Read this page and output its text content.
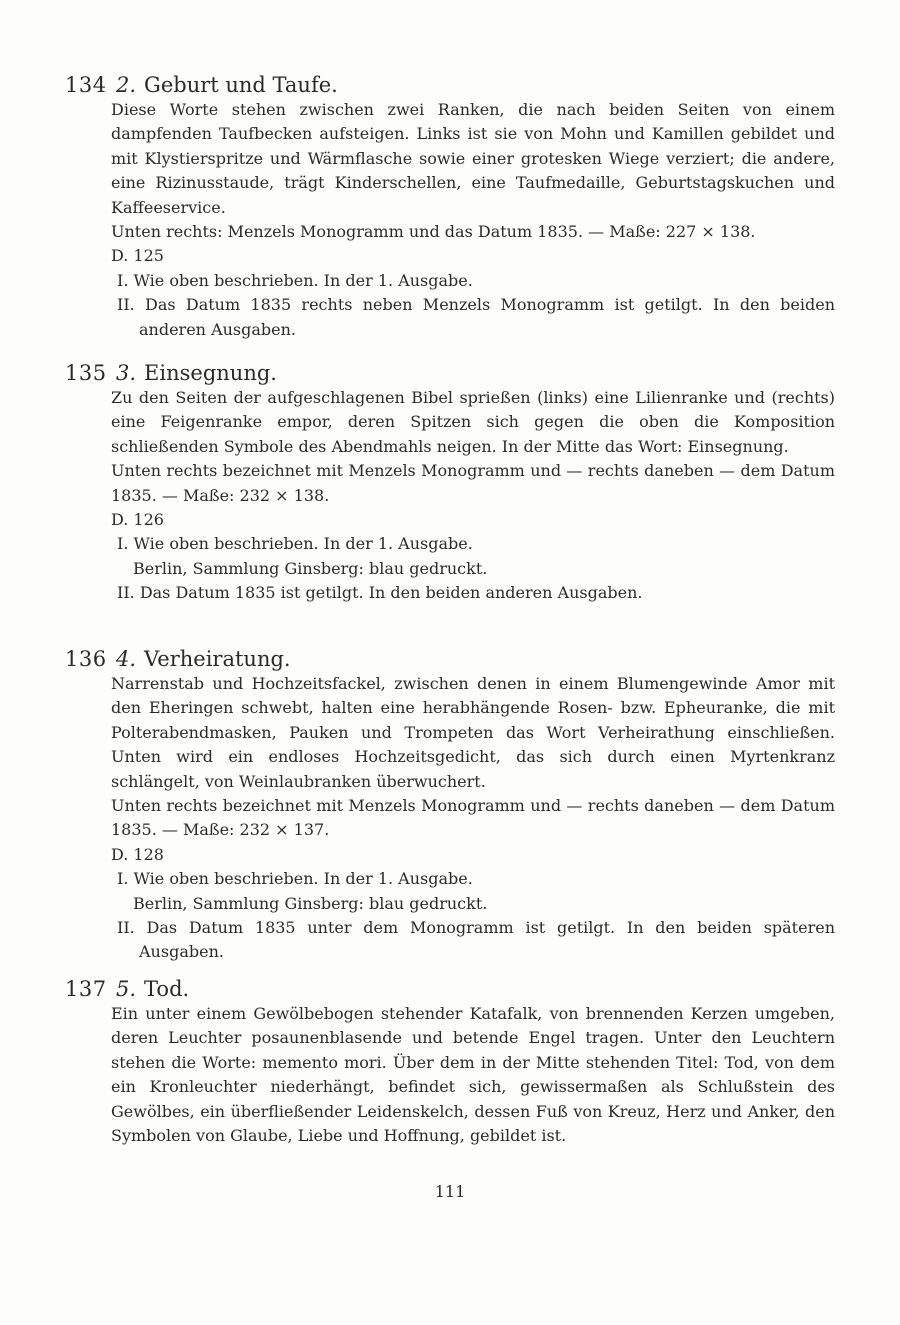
134 2. Geburt und Taufe.
Diese Worte stehen zwischen zwei Ranken, die nach beiden Seiten von einem dampfenden Taufbecken aufsteigen. Links ist sie von Mohn und Kamillen gebildet und mit Klystierspritze und Wärmflasche sowie einer grotesken Wiege verziert; die andere, eine Rizinusstaude, trägt Kinderschellen, eine Taufmedaille, Geburtstagskuchen und Kaffeeservice.
Unten rechts: Menzels Monogramm und das Datum 1835. — Maße: 227 × 138.
D. 125
I. Wie oben beschrieben. In der 1. Ausgabe.
II. Das Datum 1835 rechts neben Menzels Monogramm ist getilgt. In den beiden anderen Ausgaben.
135 3. Einsegnung.
Zu den Seiten der aufgeschlagenen Bibel sprießen (links) eine Lilienranke und (rechts) eine Feigenranke empor, deren Spitzen sich gegen die oben die Komposition schließenden Symbole des Abendmahls neigen. In der Mitte das Wort: Einsegnung.
Unten rechts bezeichnet mit Menzels Monogramm und — rechts daneben — dem Datum 1835. — Maße: 232 × 138.
D. 126
I. Wie oben beschrieben. In der 1. Ausgabe.
Berlin, Sammlung Ginsberg: blau gedruckt.
II. Das Datum 1835 ist getilgt. In den beiden anderen Ausgaben.
136 4. Verheiratung.
Narrenstab und Hochzeitsfackel, zwischen denen in einem Blumengewinde Amor mit den Eheringen schwebt, halten eine herabhängende Rosen- bzw. Epheuranke, die mit Polterabendmasken, Pauken und Trompeten das Wort Verheirathung einschließen. Unten wird ein endloses Hochzeitsgedicht, das sich durch einen Myrtenkranz schlängelt, von Weinlaubranken überwuchert.
Unten rechts bezeichnet mit Menzels Monogramm und — rechts daneben — dem Datum 1835. — Maße: 232 × 137.
D. 128
I. Wie oben beschrieben. In der 1. Ausgabe.
Berlin, Sammlung Ginsberg: blau gedruckt.
II. Das Datum 1835 unter dem Monogramm ist getilgt. In den beiden späteren Ausgaben.
137 5. Tod.
Ein unter einem Gewölbebogen stehender Katafalk, von brennenden Kerzen umgeben, deren Leuchter posaunenblasende und betende Engel tragen. Unter den Leuchtern stehen die Worte: memento mori. Über dem in der Mitte stehenden Titel: Tod, von dem ein Kronleuchter niederhängt, befindet sich, gewissermaßen als Schlußstein des Gewölbes, ein überfließender Leidenskelch, dessen Fuß von Kreuz, Herz und Anker, den Symbolen von Glaube, Liebe und Hoffnung, gebildet ist.
111
